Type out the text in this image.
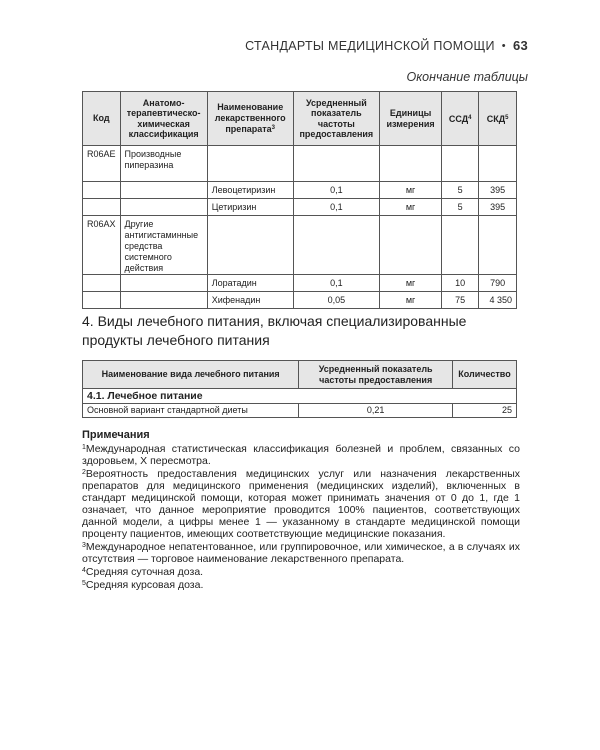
СТАНДАРТЫ МЕДИЦИНСКОЙ ПОМОЩИ • 63
Окончание таблицы
Код	Анатомо-терапевтическо-химическая классификация	Наименование лекарственного препарата$^3$	Усредненный показатель частоты предоставления	Единицы измерения	ССД$^4$	СКД$^5$
R06AE	Производные пиперазина					
		Левоцетиризин	0,1	мг	5	395
		Цетиризин	0,1	мг	5	395
R06AX	Другие антигистаминные средства системного действия					
		Лоратадин	0,1	мг	10	790
		Хифенадин	0,05	мг	75	4 350
4. Виды лечебного питания, включая специализированные продукты лечебного питания
Наименование вида лечебного питания	Усредненный показатель частоты предоставления	Количество
4.1. Лечебное питание		
Основной вариант стандартной диеты	0,21	25
Примечания

$^1$Международная статистическая классификация болезней и проблем, связанных со здоровьем, X пересмотра.

$^2$Вероятность предоставления медицинских услуг или назначения лекарственных препаратов для медицинского применения (медицинских изделий), включенных в стандарт медицинской помощи, которая может принимать значения от 0 до 1, где 1 означает, что данное мероприятие проводится 100% пациентов, соответствующих данной модели, а цифры менее 1 — указанному в стандарте медицинской помощи проценту пациентов, имеющих соответствующие медицинские показания.

$^3$Международное непатентованное, или группировочное, или химическое, а в случаях их отсутствия — торговое наименование лекарственного препарата.

$^4$Средняя суточная доза.

$^5$Средняя курсовая доза.
